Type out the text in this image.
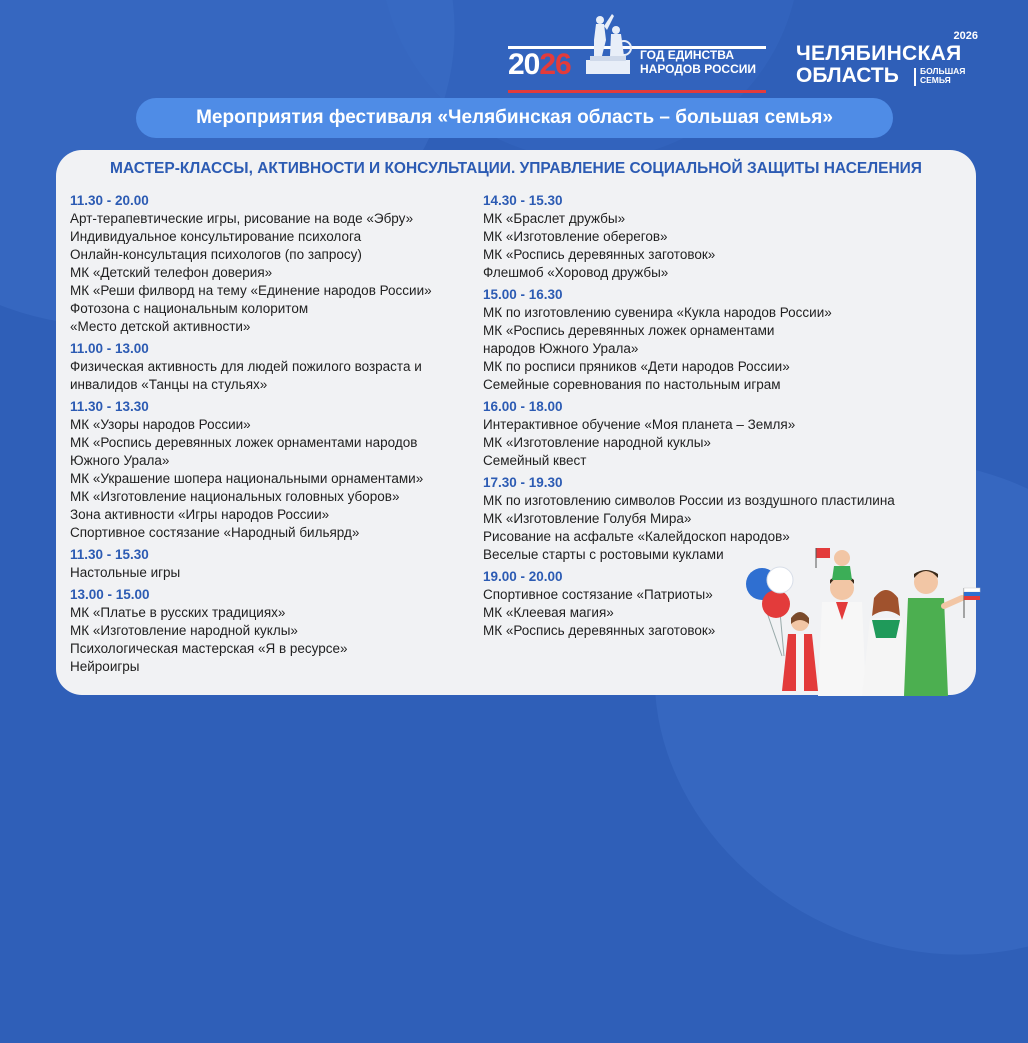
2026	ГОД ЕДИНСТВА
НАРОДОВ РОССИИ
2026
ЧЕЛЯБИНСКАЯ
ОБЛАСТЬ БОЛЬШАЯ
СЕМЬЯ
Мероприятия фестиваля «Челябинская область – большая семья»
МАСТЕР-КЛАССЫ, АКТИВНОСТИ И КОНСУЛЬТАЦИИ. УПРАВЛЕНИЕ СОЦИАЛЬНОЙ ЗАЩИТЫ НАСЕЛЕНИЯ
11.30 - 20.00
Арт-терапевтические игры, рисование на воде «Эбру»
Индивидуальное консультирование психолога
Онлайн-консультация психологов (по запросу)
МК «Детский телефон доверия»
МК «Реши филворд на тему «Единение народов России»
Фотозона с национальным колоритом
«Место детской активности»
11.00 - 13.00
Физическая активность для людей пожилого возраста и
инвалидов «Танцы на стульях»
11.30 - 13.30
МК «Узоры народов России»
МК «Роспись деревянных ложек орнаментами народов
Южного Урала»
МК «Украшение шопера национальными орнаментами»
МК «Изготовление национальных головных уборов»
Зона активности «Игры народов России»
Спортивное состязание «Народный бильярд»
11.30 - 15.30
Настольные игры
13.00 - 15.00
МК «Платье в русских традициях»
МК «Изготовление народной куклы»
Психологическая мастерская «Я в ресурсе»
Нейроигры
14.30 - 15.30
МК «Браслет дружбы»
МК «Изготовление оберегов»
МК «Роспись деревянных заготовок»
Флешмоб «Хоровод дружбы»
15.00 - 16.30
МК по изготовлению сувенира «Кукла народов России»
МК «Роспись деревянных ложек орнаментами
народов Южного Урала»
МК по росписи пряников «Дети народов России»
Семейные соревнования по настольным играм
16.00 - 18.00
Интерактивное обучение «Моя планета – Земля»
МК «Изготовление народной куклы»
Семейный квест
17.30 - 19.30
МК по изготовлению символов России из воздушного пластилина
МК «Изготовление Голубя Мира»
Рисование на асфальте «Калейдоскоп народов»
Веселые старты с ростовыми куклами
19.00 - 20.00
Спортивное состязание «Патриоты»
МК «Клеевая магия»
МК «Роспись деревянных заготовок»
